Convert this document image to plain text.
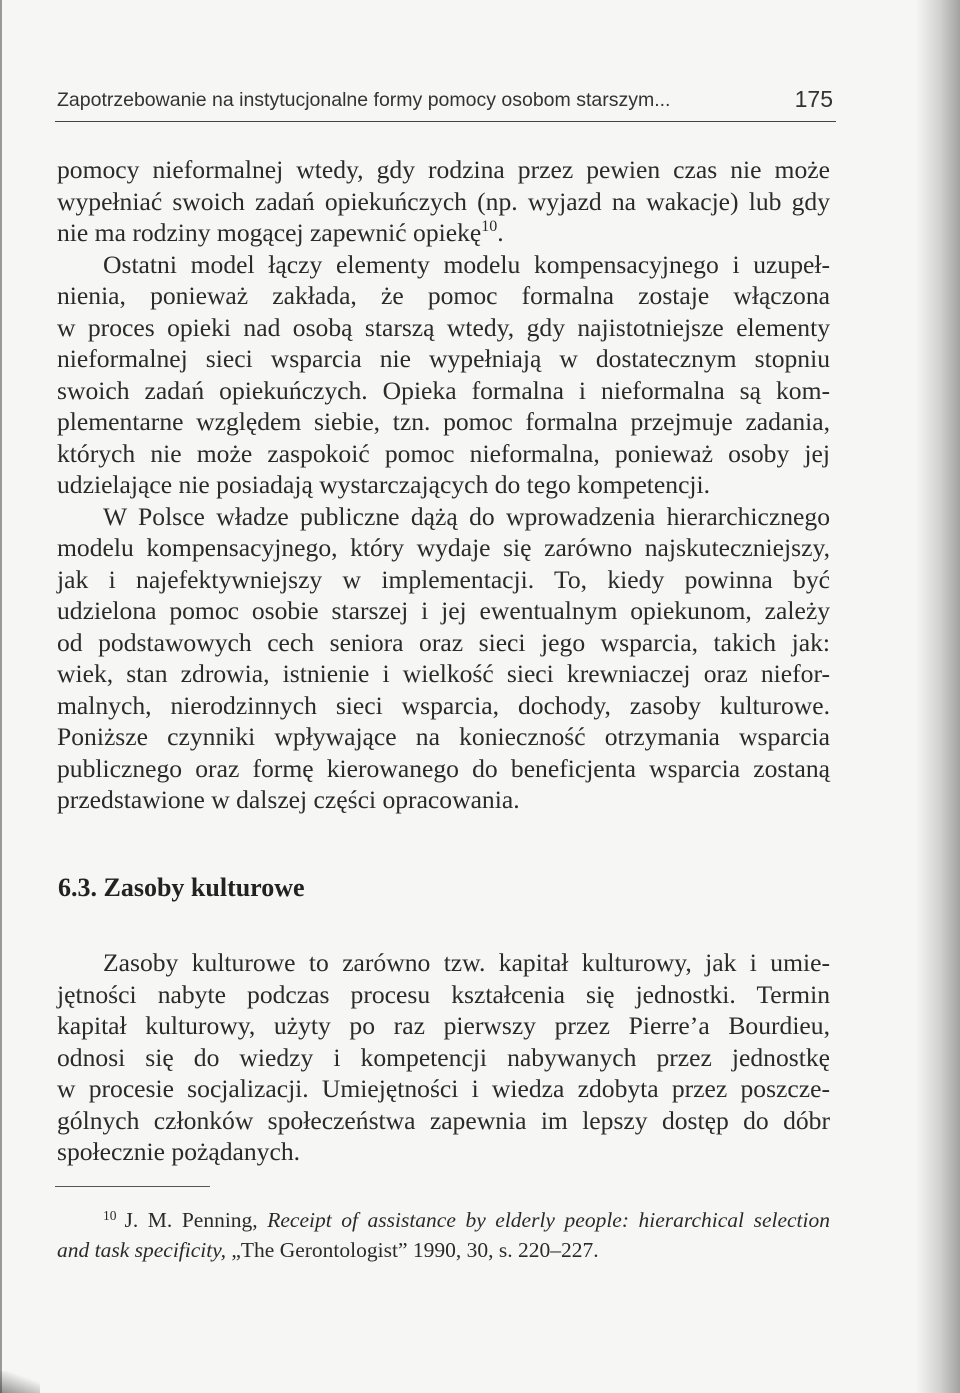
Zapotrzebowanie na instytucjonalne formy pomocy osobom starszym...	175
pomocy nieformalnej wtedy, gdy rodzina przez pewien czas nie może
wypełniać swoich zadań opiekuńczych (np. wyjazd na wakacje) lub gdy
nie ma rodziny mogącej zapewnić opiekę$^{10}$.
Ostatni model łączy elementy modelu kompensacyjnego i uzupeł-
nienia, ponieważ zakłada, że pomoc formalna zostaje włączona
w proces opieki nad osobą starszą wtedy, gdy najistotniejsze elementy
nieformalnej sieci wsparcia nie wypełniają w dostatecznym stopniu
swoich zadań opiekuńczych. Opieka formalna i nieformalna są kom-
plementarne względem siebie, tzn. pomoc formalna przejmuje zadania,
których nie może zaspokoić pomoc nieformalna, ponieważ osoby jej
udzielające nie posiadają wystarczających do tego kompetencji.
W Polsce władze publiczne dążą do wprowadzenia hierarchicznego
modelu kompensacyjnego, który wydaje się zarówno najskuteczniejszy,
jak i najefektywniejszy w implementacji. To, kiedy powinna być
udzielona pomoc osobie starszej i jej ewentualnym opiekunom, zależy
od podstawowych cech seniora oraz sieci jego wsparcia, takich jak:
wiek, stan zdrowia, istnienie i wielkość sieci krewniaczej oraz niefor-
malnych, nierodzinnych sieci wsparcia, dochody, zasoby kulturowe.
Poniższe czynniki wpływające na konieczność otrzymania wsparcia
publicznego oraz formę kierowanego do beneficjenta wsparcia zostaną
przedstawione w dalszej części opracowania.
6.3. Zasoby kulturowe
Zasoby kulturowe to zarówno tzw. kapitał kulturowy, jak i umie-
jętności nabyte podczas procesu kształcenia się jednostki. Termin
kapitał kulturowy, użyty po raz pierwszy przez Pierre’a Bourdieu,
odnosi się do wiedzy i kompetencji nabywanych przez jednostkę
w procesie socjalizacji. Umiejętności i wiedza zdobyta przez poszcze-
gólnych członków społeczeństwa zapewnia im lepszy dostęp do dóbr
społecznie pożądanych.
$^{10}$ J. M. Penning, Receipt of assistance by elderly people: hierarchical selection
and task specificity, „The Gerontologist” 1990, 30, s. 220–227.
